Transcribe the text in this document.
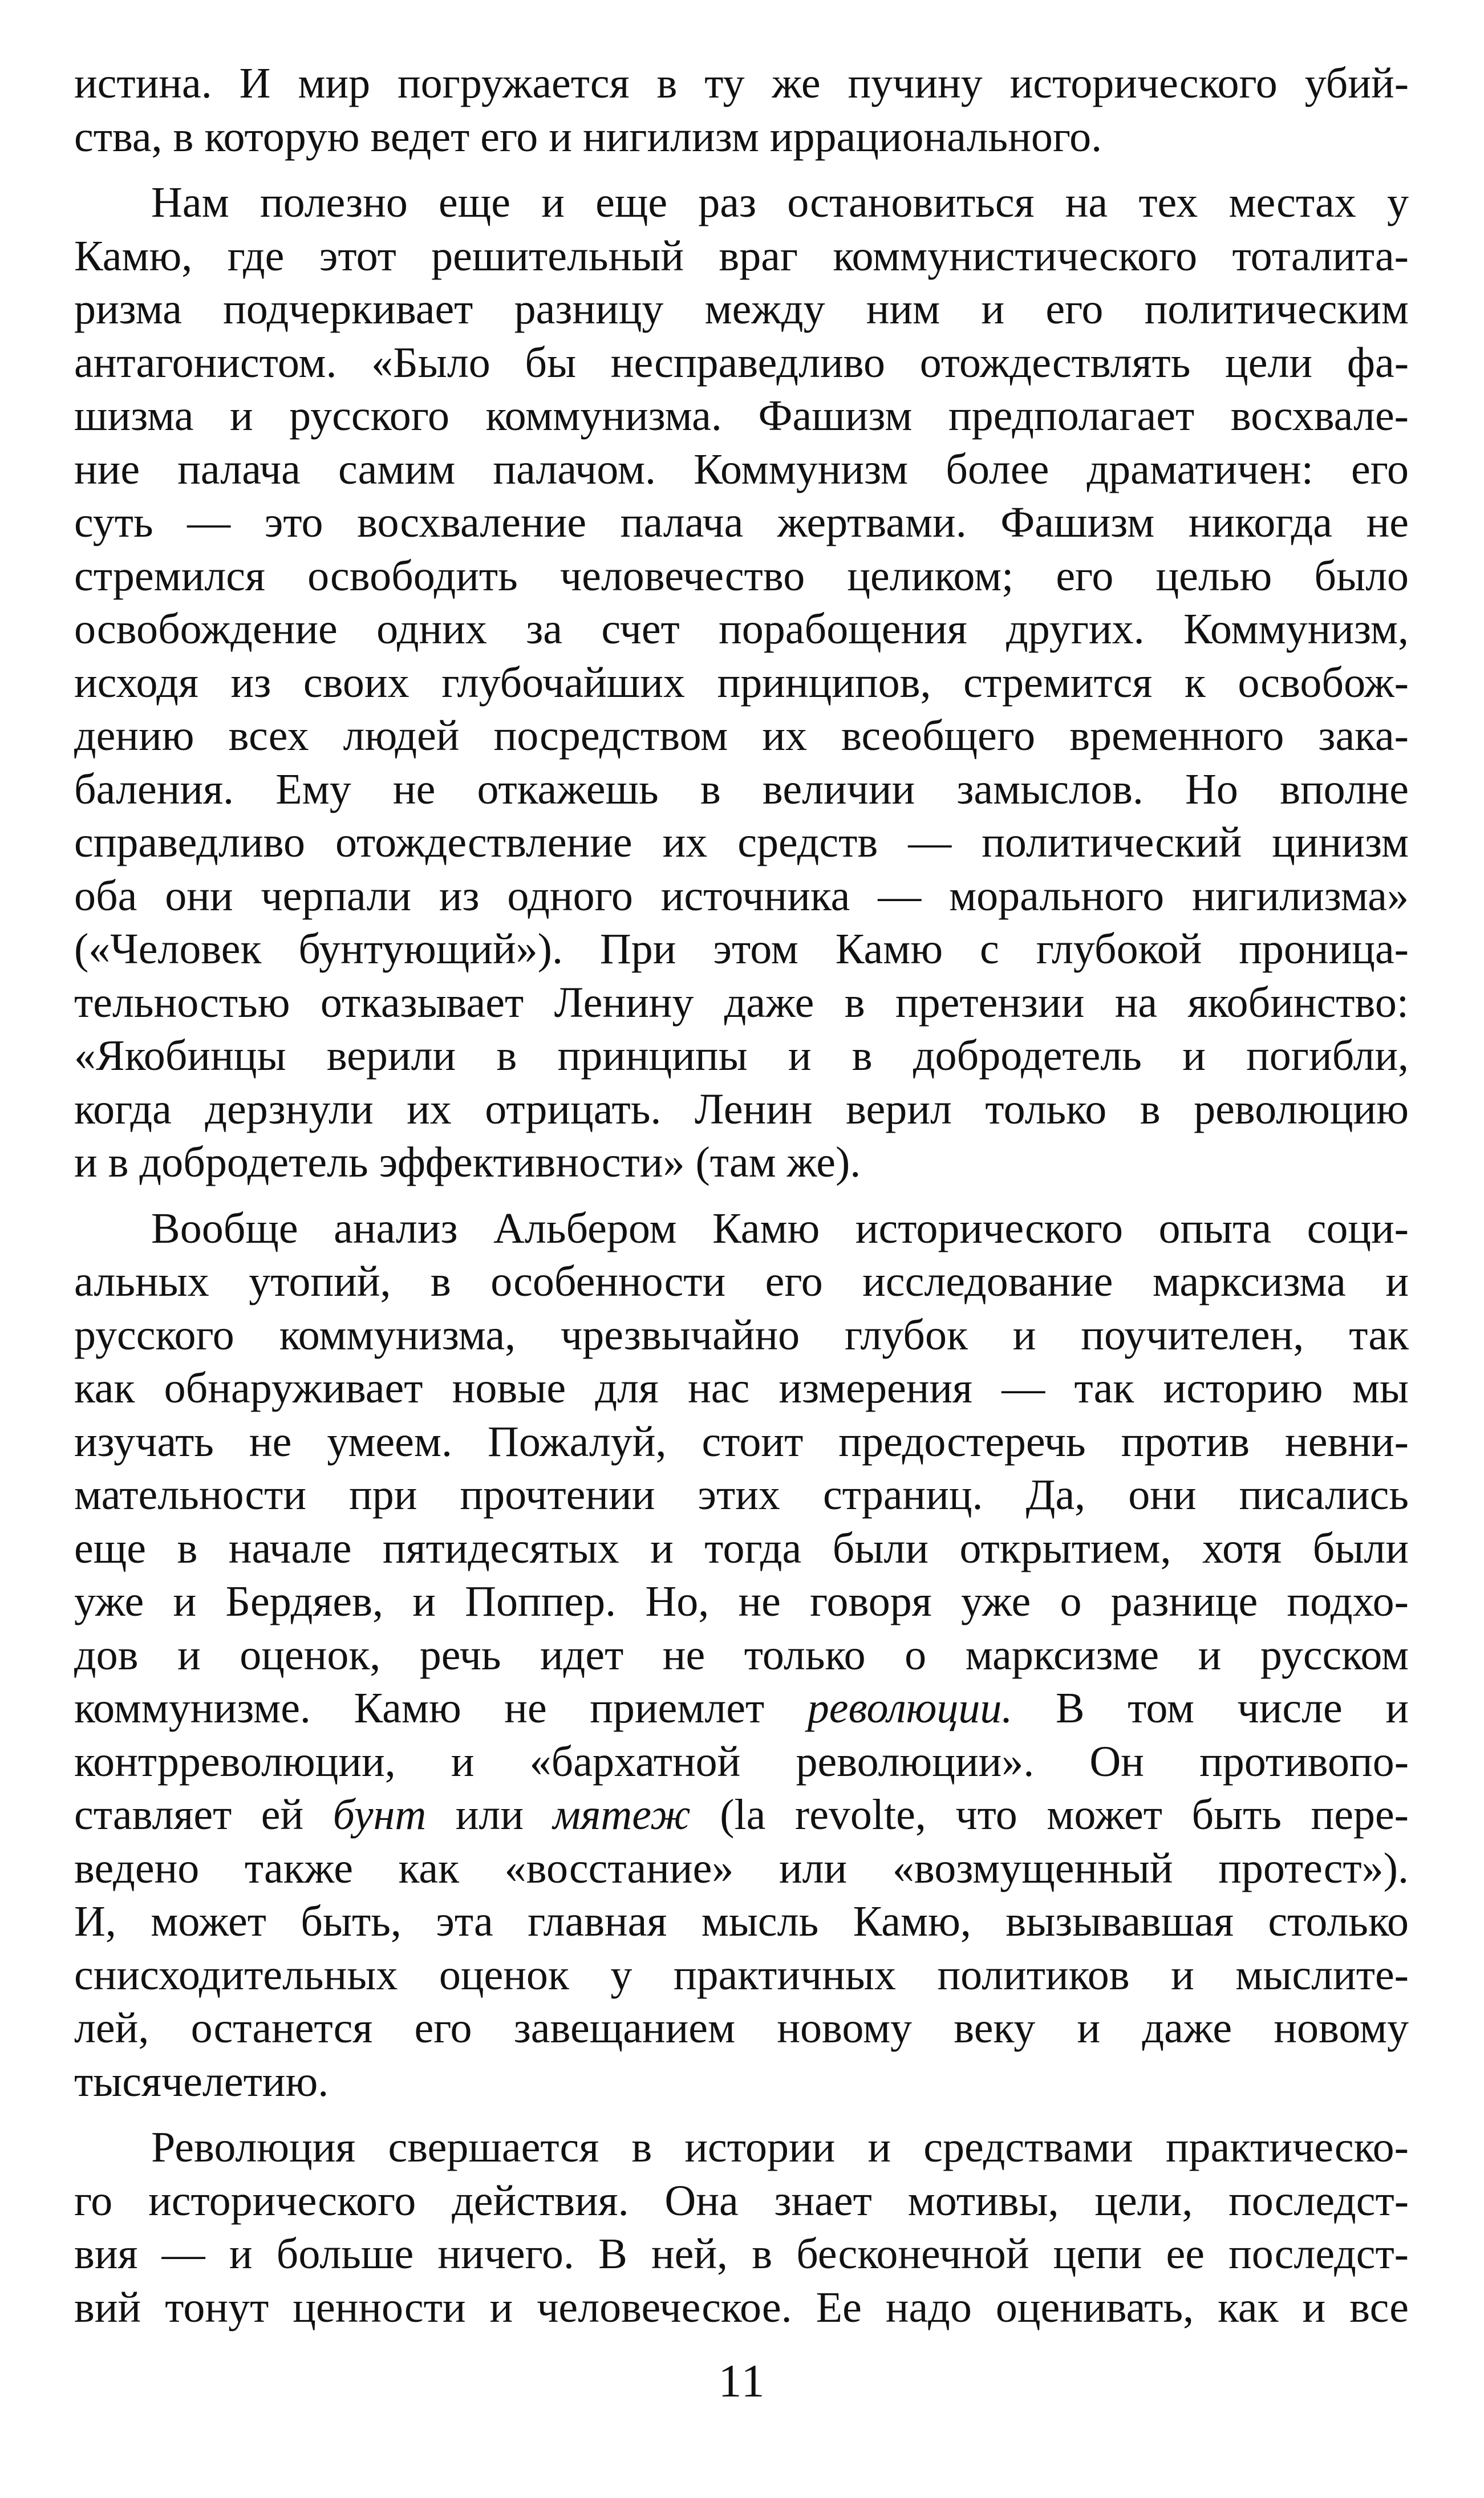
истина. И мир погружается в ту же пучину исторического убий-
ства, в которую ведет его и нигилизм иррационального.
Нам полезно еще и еще раз остановиться на тех местах у
Камю, где этот решительный враг коммунистического тоталита-
ризма подчеркивает разницу между ним и его политическим
антагонистом. «Было бы несправедливо отождествлять цели фа-
шизма и русского коммунизма. Фашизм предполагает восхвале-
ние палача самим палачом. Коммунизм более драматичен: его
суть — это восхваление палача жертвами. Фашизм никогда не
стремился освободить человечество целиком; его целью было
освобождение одних за счет порабощения других. Коммунизм,
исходя из своих глубочайших принципов, стремится к освобож-
дению всех людей посредством их всеобщего временного зака-
баления. Ему не откажешь в величии замыслов. Но вполне
справедливо отождествление их средств — политический цинизм
оба они черпали из одного источника — морального нигилизма»
(«Человек бунтующий»). При этом Камю с глубокой проница-
тельностью отказывает Ленину даже в претензии на якобинство:
«Якобинцы верили в принципы и в добродетель и погибли,
когда дерзнули их отрицать. Ленин верил только в революцию
и в добродетель эффективности» (там же).
Вообще анализ Альбером Камю исторического опыта соци-
альных утопий, в особенности его исследование марксизма и
русского коммунизма, чрезвычайно глубок и поучителен, так
как обнаруживает новые для нас измерения — так историю мы
изучать не умеем. Пожалуй, стоит предостеречь против невни-
мательности при прочтении этих страниц. Да, они писались
еще в начале пятидесятых и тогда были открытием, хотя были
уже и Бердяев, и Поппер. Но, не говоря уже о разнице подхо-
дов и оценок, речь идет не только о марксизме и русском
коммунизме. Камю не приемлет революции. В том числе и
контрреволюции, и «бархатной революции». Он противопо-
ставляет ей бунт или мятеж (la revolte, что может быть пере-
ведено также как «восстание» или «возмущенный протест»).
И, может быть, эта главная мысль Камю, вызывавшая столько
снисходительных оценок у практичных политиков и мыслите-
лей, останется его завещанием новому веку и даже новому
тысячелетию.
Революция свершается в истории и средствами практическо-
го исторического действия. Она знает мотивы, цели, последст-
вия — и больше ничего. В ней, в бесконечной цепи ее последст-
вий тонут ценности и человеческое. Ее надо оценивать, как и все
11
